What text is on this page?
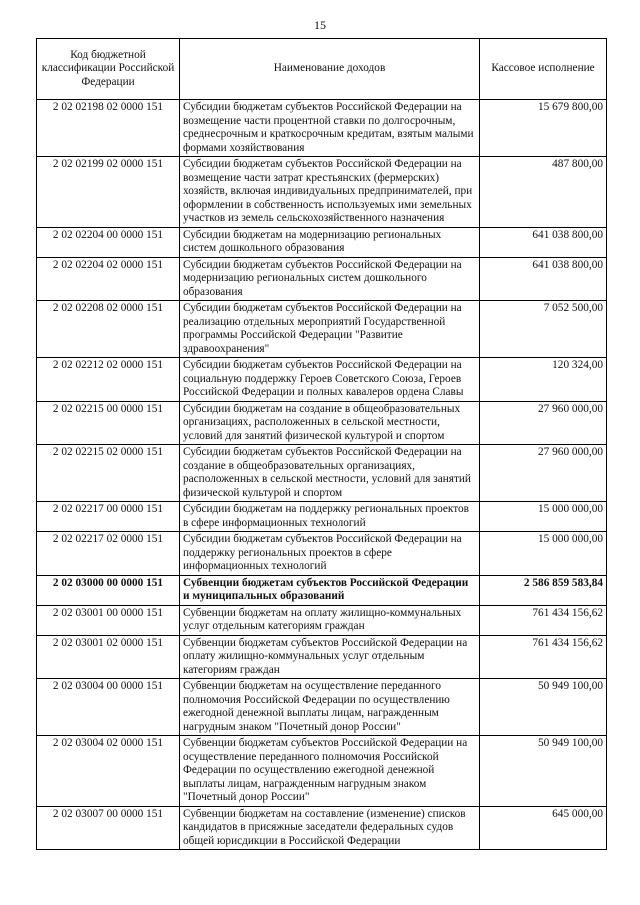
15
Код бюджетной классификации Российской Федерации	Наименование доходов	Кассовое исполнение
2 02 02198 02 0000 151	Субсидии бюджетам субъектов Российской Федерации на возмещение части процентной ставки по долгосрочным, среднесрочным и краткосрочным кредитам, взятым малыми формами хозяйствования	15 679 800,00
2 02 02199 02 0000 151	Субсидии бюджетам субъектов Российской Федерации на возмещение части затрат крестьянских (фермерских) хозяйств, включая индивидуальных предпринимателей, при оформлении в собственность используемых ими земельных участков из земель сельскохозяйственного назначения	487 800,00
2 02 02204 00 0000 151	Субсидии бюджетам на модернизацию региональных систем дошкольного образования	641 038 800,00
2 02 02204 02 0000 151	Субсидии бюджетам субъектов Российской Федерации на модернизацию региональных систем дошкольного образования	641 038 800,00
2 02 02208 02 0000 151	Субсидии бюджетам субъектов Российской Федерации на реализацию отдельных мероприятий Государственной программы Российской Федерации "Развитие здравоохранения"	7 052 500,00
2 02 02212 02 0000 151	Субсидии бюджетам субъектов Российской Федерации на социальную поддержку Героев Советского Союза, Героев Российской Федерации и полных кавалеров ордена Славы	120 324,00
2 02 02215 00 0000 151	Субсидии бюджетам на создание в общеобразовательных организациях, расположенных в сельской местности, условий для занятий физической культурой и спортом	27 960 000,00
2 02 02215 02 0000 151	Субсидии бюджетам субъектов Российской Федерации на создание в общеобразовательных организациях, расположенных в сельской местности, условий для занятий физической культурой и спортом	27 960 000,00
2 02 02217 00 0000 151	Субсидии бюджетам на поддержку региональных проектов в сфере информационных технологий	15 000 000,00
2 02 02217 02 0000 151	Субсидии бюджетам субъектов Российской Федерации на поддержку региональных проектов в сфере информационных технологий	15 000 000,00
2 02 03000 00 0000 151	Субвенции бюджетам субъектов Российской Федерации и муниципальных образований	2 586 859 583,84
2 02 03001 00 0000 151	Субвенции бюджетам на оплату жилищно-коммунальных услуг отдельным категориям граждан	761 434 156,62
2 02 03001 02 0000 151	Субвенции бюджетам субъектов Российской Федерации на оплату жилищно-коммунальных услуг отдельным категориям граждан	761 434 156,62
2 02 03004 00 0000 151	Субвенции бюджетам на осуществление переданного полномочия Российской Федерации по осуществлению ежегодной денежной выплаты лицам, награжденным нагрудным знаком "Почетный донор России"	50 949 100,00
2 02 03004 02 0000 151	Субвенции бюджетам субъектов Российской Федерации на осуществление переданного полномочия Российской Федерации по осуществлению ежегодной денежной выплаты лицам, награжденным нагрудным знаком "Почетный донор России"	50 949 100,00
2 02 03007 00 0000 151	Субвенции бюджетам на составление (изменение) списков кандидатов в присяжные заседатели федеральных судов общей юрисдикции в Российской Федерации	645 000,00
